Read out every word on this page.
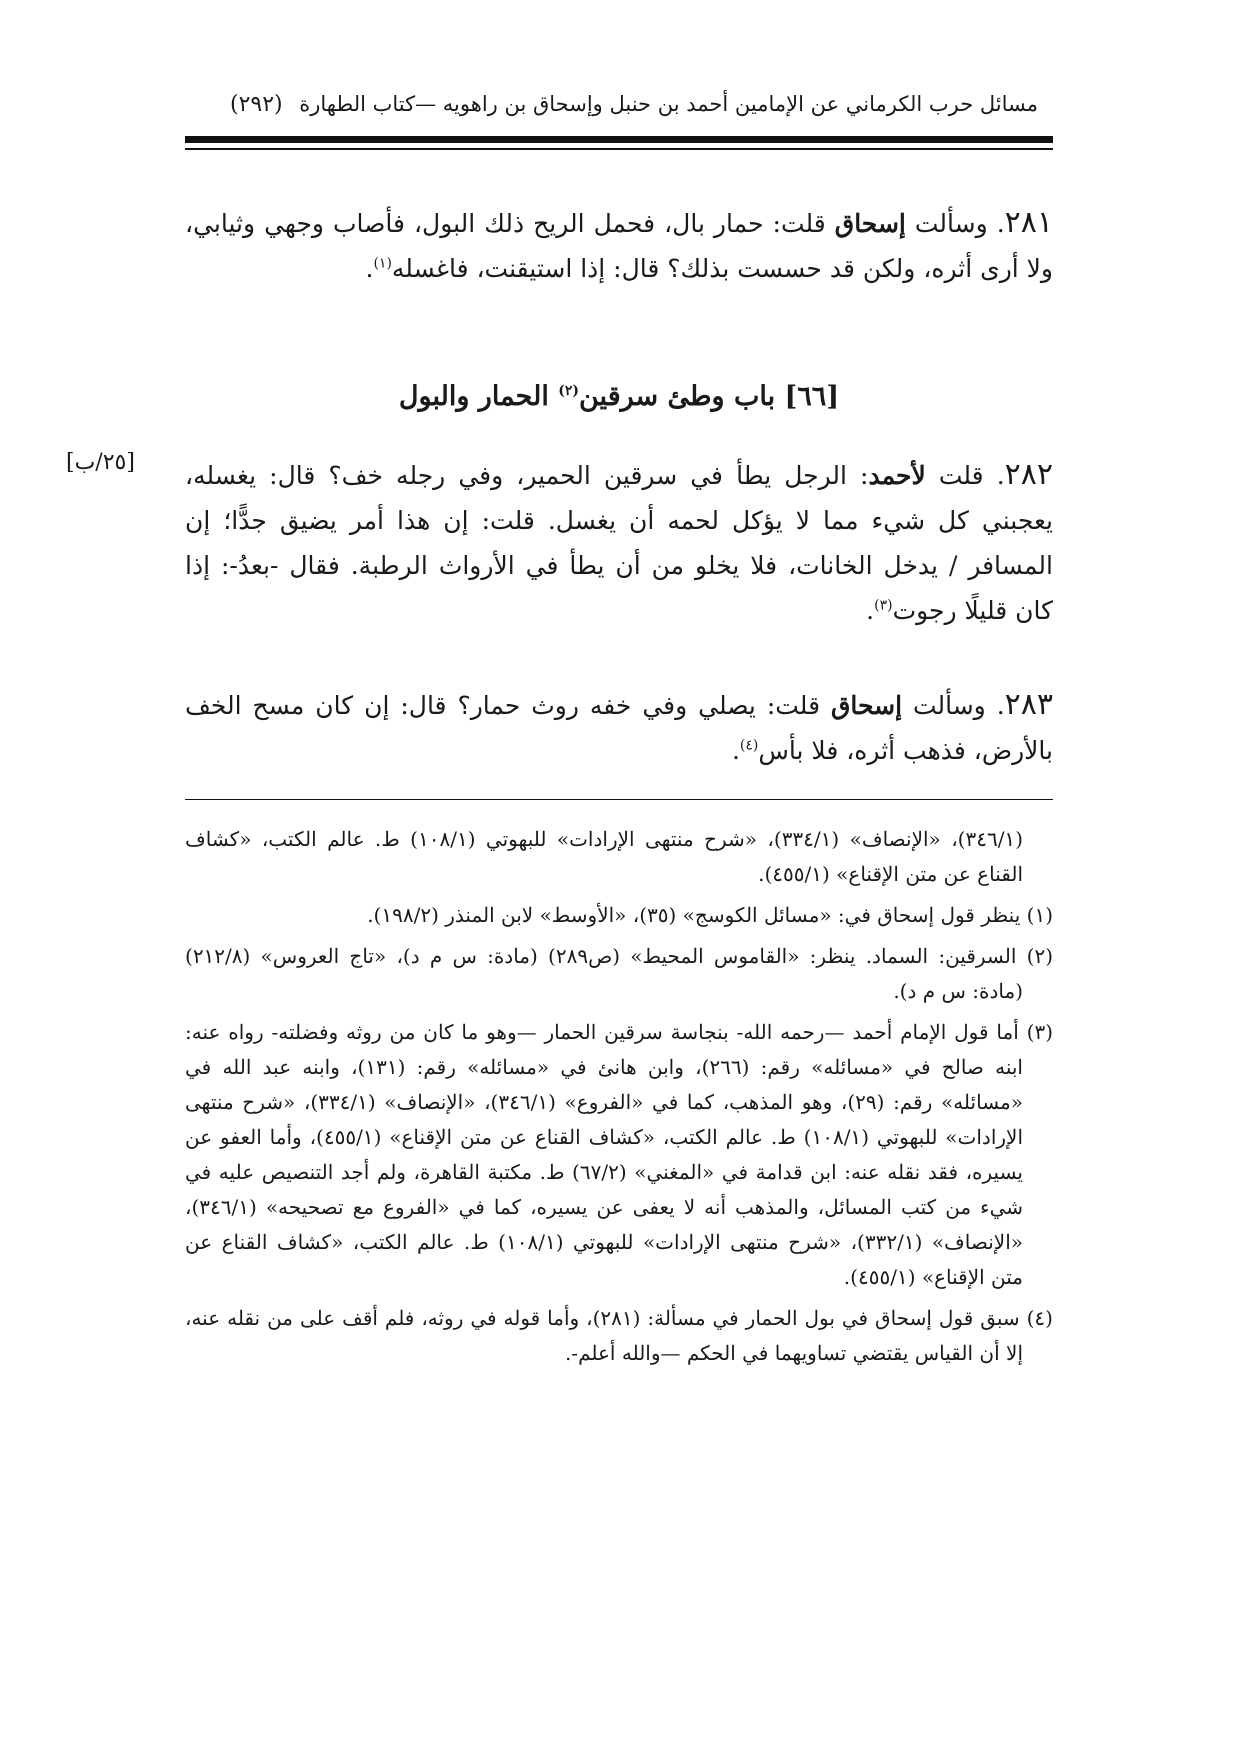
مسائل حرب الكرماني عن الإمامين أحمد بن حنبل وإسحاق بن راهويه —كتاب الطهارة
(٢٩٢)
٢٨١. وسألت إسحاق قلت: حمار بال، فحمل الريح ذلك البول، فأصاب وجهي وثيابي، ولا أرى أثره، ولكن قد حسست بذلك؟ قال: إذا استيقنت، فاغسله$^{(١)}$.
[٦٦] باب وطئ سرقين$^{(٢)}$ الحمار والبول
[٢٥/ب]	٢٨٢. قلت لأحمد: الرجل يطأ في سرقين الحمير، وفي رجله خف؟ قال: يغسله، يعجبني كل شيء مما لا يؤكل لحمه أن يغسل. قلت: إن هذا أمر يضيق جدًّا؛ إن المسافر / يدخل الخانات، فلا يخلو من أن يطأ في الأرواث الرطبة. فقال -بعدُ-: إذا كان قليلًا رجوت$^{(٣)}$.
٢٨٣. وسألت إسحاق قلت: يصلي وفي خفه روث حمار؟ قال: إن كان مسح الخف بالأرض، فذهب أثره، فلا بأس$^{(٤)}$.

(٣٤٦/١)، «الإنصاف» (٣٣٤/١)، «شرح منتهى الإرادات» للبهوتي (١٠٨/١) ط. عالم الكتب، «كشاف القناع عن متن الإقناع» (٤٥٥/١).

(١) ينظر قول إسحاق في: «مسائل الكوسج» (٣٥)، «الأوسط» لابن المنذر (١٩٨/٢).

(٢) السرقين: السماد. ينظر: «القاموس المحيط» (ص٢٨٩) (مادة: س م د)، «تاج العروس» (٢١٢/٨) (مادة: س م د).

(٣) أما قول الإمام أحمد —رحمه الله- بنجاسة سرقين الحمار —وهو ما كان من روثه وفضلته- رواه عنه: ابنه صالح في «مسائله» رقم: (٢٦٦)، وابن هانئ في «مسائله» رقم: (١٣١)، وابنه عبد الله في «مسائله» رقم: (٢٩)، وهو المذهب، كما في «الفروع» (٣٤٦/١)، «الإنصاف» (٣٣٤/١)، «شرح منتهى الإرادات» للبهوتي (١٠٨/١) ط. عالم الكتب، «كشاف القناع عن متن الإقناع» (٤٥٥/١)، وأما العفو عن يسيره، فقد نقله عنه: ابن قدامة في «المغني» (٦٧/٢) ط. مكتبة القاهرة، ولم أجد التنصيص عليه في شيء من كتب المسائل، والمذهب أنه لا يعفى عن يسيره، كما في «الفروع مع تصحيحه» (٣٤٦/١)، «الإنصاف» (٣٣٢/١)، «شرح منتهى الإرادات» للبهوتي (١٠٨/١) ط. عالم الكتب، «كشاف القناع عن متن الإقناع» (٤٥٥/١).

(٤) سبق قول إسحاق في بول الحمار في مسألة: (٢٨١)، وأما قوله في روثه، فلم أقف على من نقله عنه، إلا أن القياس يقتضي تساويهما في الحكم —والله أعلم-.
